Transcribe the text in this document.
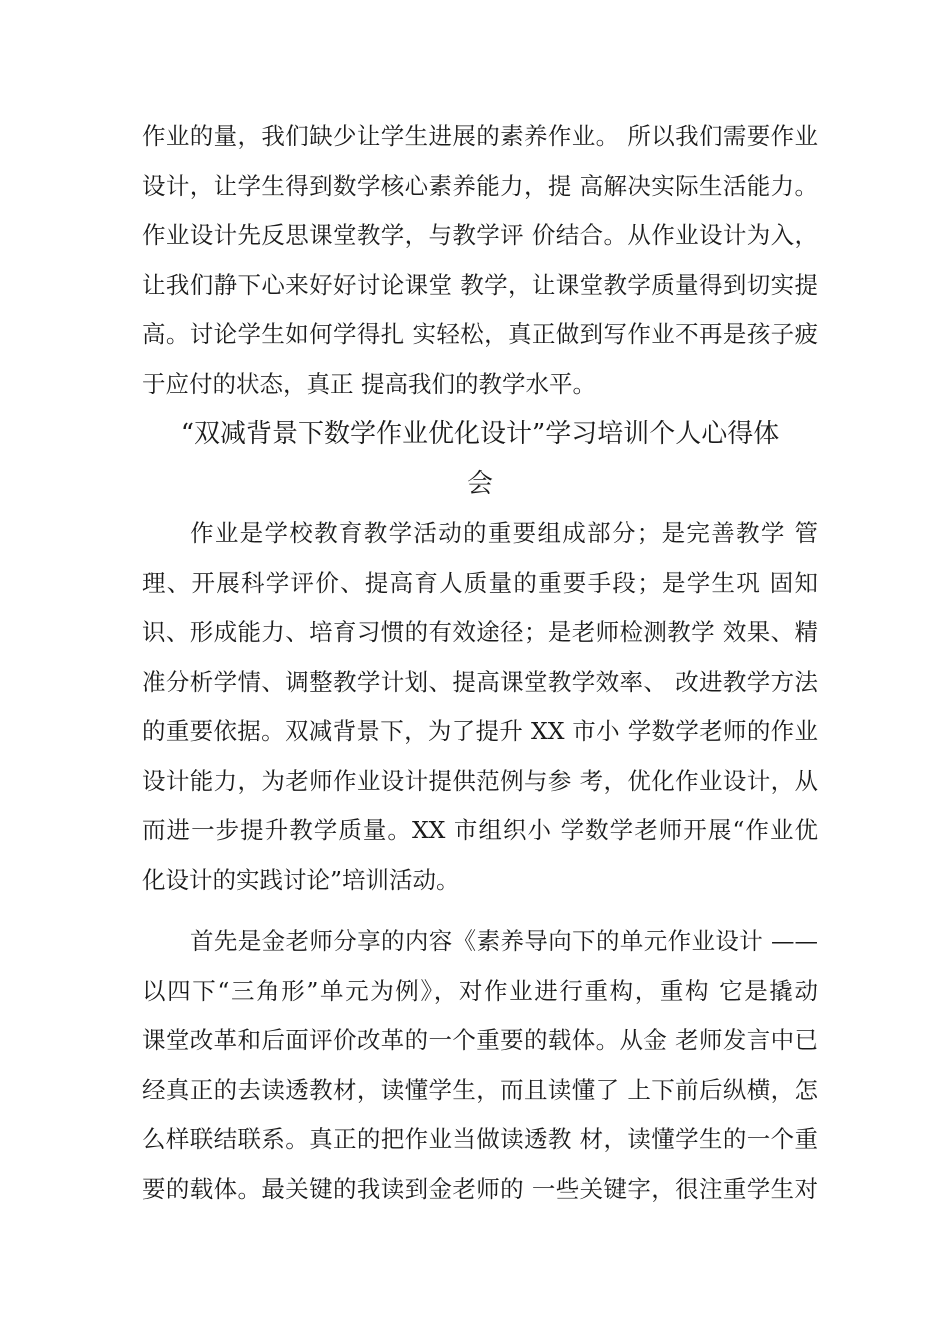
作业的量，我们缺少让学生进展的素养作业。 所以我们需要作业
设计，让学生得到数学核心素养能力，提 高解决实际生活能力。
作业设计先反思课堂教学，与教学评 价结合。从作业设计为入，
让我们静下心来好好讨论课堂 教学，让课堂教学质量得到切实提
高。讨论学生如何学得扎 实轻松，真正做到写作业不再是孩子疲
于应付的状态，真正 提高我们的教学水平。
“双减背景下数学作业优化设计”学习培训个人心得体
会
作业是学校教育教学活动的重要组成部分；是完善教学 管
理、开展科学评价、提高育人质量的重要手段；是学生巩 固知
识、形成能力、培育习惯的有效途径；是老师检测教学 效果、精
准分析学情、调整教学计划、提高课堂教学效率、 改进教学方法
的重要依据。双减背景下，为了提升 XX 市小 学数学老师的作业
设计能力，为老师作业设计提供范例与参 考，优化作业设计，从
而进一步提升教学质量。XX 市组织小 学数学老师开展“作业优
化设计的实践讨论”培训活动。
首先是金老师分享的内容《素养导向下的单元作业设计 ——
以四下“三角形”单元为例》，对作业进行重构，重构 它是撬动
课堂改革和后面评价改革的一个重要的载体。从金 老师发言中已
经真正的去读透教材，读懂学生，而且读懂了 上下前后纵横，怎
么样联结联系。真正的把作业当做读透教 材，读懂学生的一个重
要的载体。最关键的我读到金老师的 一些关键字，很注重学生对
